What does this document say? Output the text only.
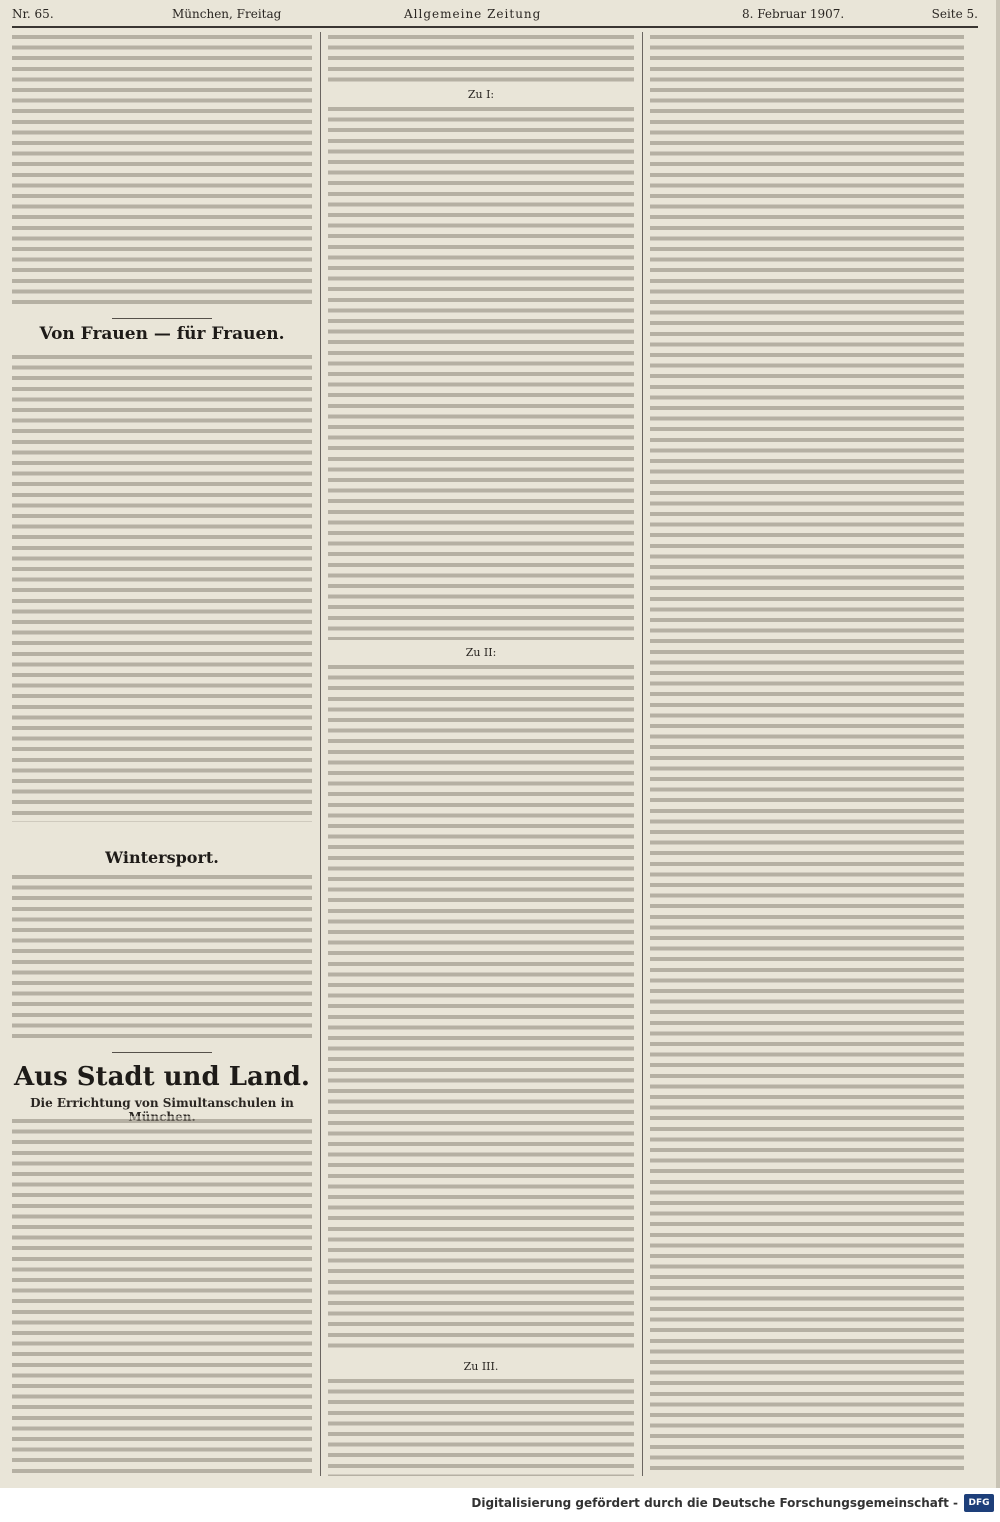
Nr. 65.	München, Freitag	Allgemeine Zeitung	8. Februar 1907.	Seite 5.
Von Frauen — für Frauen.
Wintersport.
Aus Stadt und Land.
Die Errichtung von Simultanschulen in
Zu I:
Zu II:
Zu III.
Digitalisierung gefördert durch die Deutsche Forschungsgemeinschaft -	DFG
